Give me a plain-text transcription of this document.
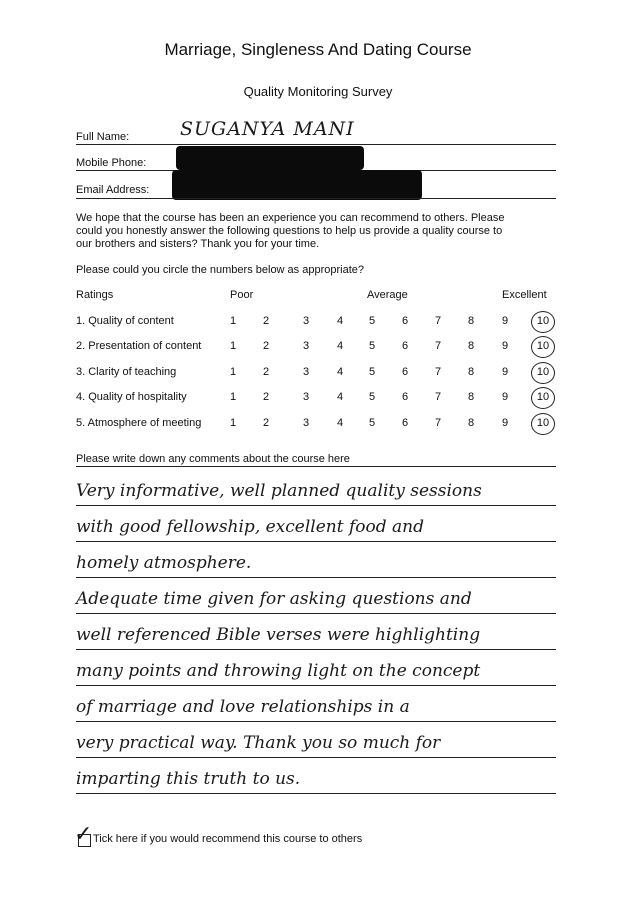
Marriage, Singleness And Dating Course
Quality Monitoring Survey
Full Name:	SUGANYA MANI
Mobile Phone:
Email Address:
We hope that the course has been an experience you can recommend to others. Please
could you honestly answer the following questions to help us provide a quality course to
our brothers and sisters? Thank you for your time.
Please could you circle the numbers below as appropriate?
Ratings	Poor	Average	Excellent
1. Quality of content	1	2	3	4	5	6	7	8	9	10
2. Presentation of content	1	2	3	4	5	6	7	8	9	10
3. Clarity of teaching	1	2	3	4	5	6	7	8	9	10
4. Quality of hospitality	1	2	3	4	5	6	7	8	9	10
5. Atmosphere of meeting	1	2	3	4	5	6	7	8	9	10
Please write down any comments about the course here
Very informative, well planned quality sessions
with good fellowship, excellent food and
homely atmosphere.
Adequate time given for asking questions and
well referenced Bible verses were highlighting
many points and throwing light on the concept
of marriage and love relationships in a
very practical way. Thank you so much for
imparting this truth to us.
✓ Tick here if you would recommend this course to others
